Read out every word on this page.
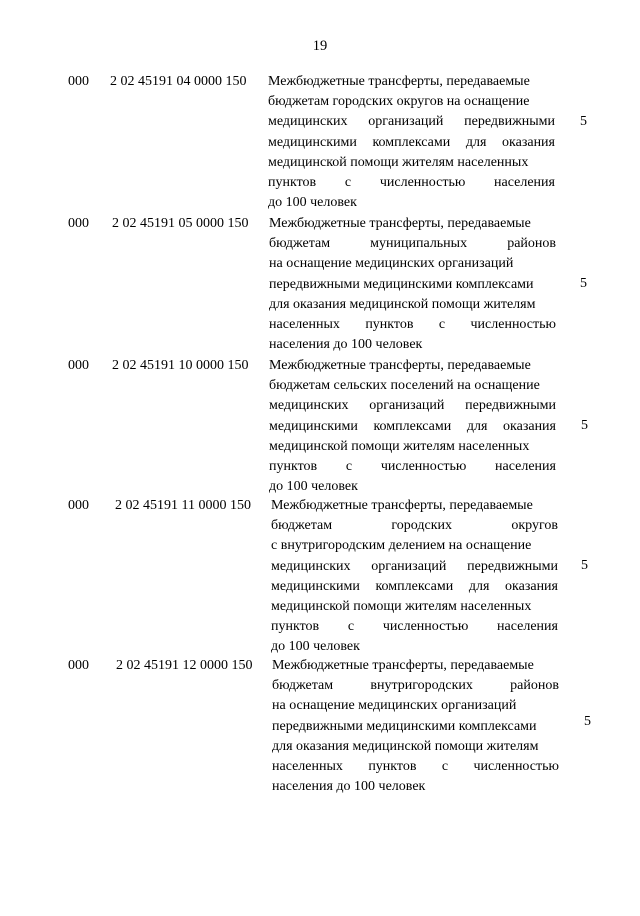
19
000 2 02 45191 04 0000 150 Межбюджетные трансферты, передаваемые
бюджетам городских округов на оснащение
медицинских организаций передвижными
медицинскими комплексами для оказания
медицинской помощи жителям населенных
пунктов с численностью населения
до 100 человек
5
000 2 02 45191 05 0000 150 Межбюджетные трансферты, передаваемые
бюджетам	муниципальных	районов
на оснащение медицинских организаций
передвижными медицинскими комплексами
для оказания медицинской помощи жителям
населенных пунктов с численностью
населения до 100 человек
5
000 2 02 45191 10 0000 150 Межбюджетные трансферты, передаваемые
бюджетам сельских поселений на оснащение
медицинских организаций передвижными
медицинскими комплексами для оказания
медицинской помощи жителям населенных
пунктов с численностью населения
до 100 человек
5
000 2 02 45191 11 0000 150 Межбюджетные трансферты, передаваемые
бюджетам	городских	округов
с внутригородским делением на оснащение
медицинских организаций передвижными
медицинскими комплексами для оказания
медицинской помощи жителям населенных
пунктов с численностью населения
до 100 человек
5
000 2 02 45191 12 0000 150 Межбюджетные трансферты, передаваемые
бюджетам	внутригородских	районов
на оснащение медицинских организаций
передвижными медицинскими комплексами
для оказания медицинской помощи жителям
населенных пунктов с численностью
населения до 100 человек
5
